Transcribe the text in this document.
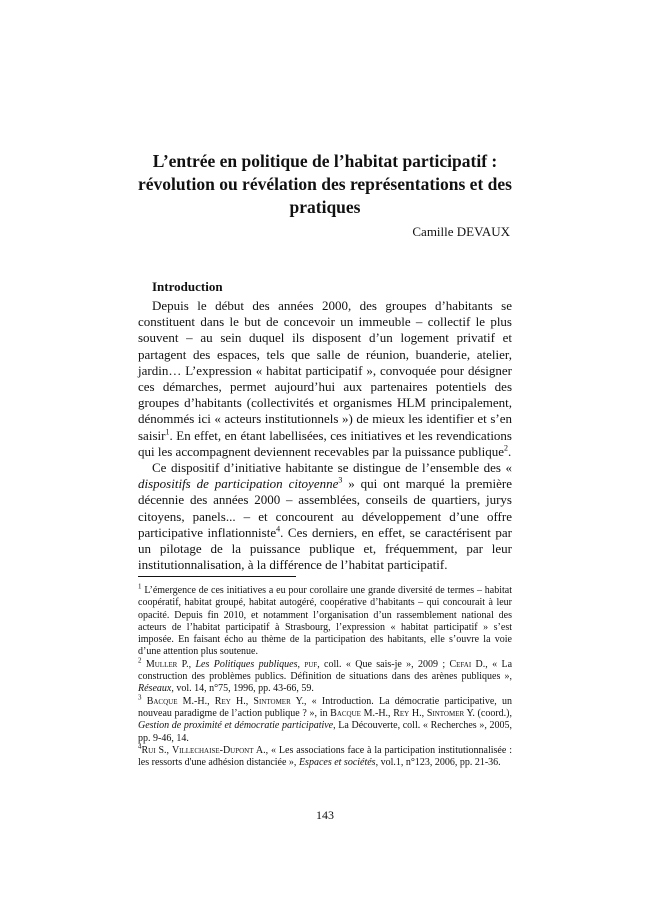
L’entrée en politique de l’habitat participatif :
révolution ou révélation des représentations et des
pratiques
Camille DEVAUX
Introduction

Depuis le début des années 2000, des groupes d’habitants se constituent dans le but de concevoir un immeuble – collectif le plus souvent – au sein duquel ils disposent d’un logement privatif et partagent des espaces, tels que salle de réunion, buanderie, atelier, jardin… L’expression « habitat participatif », convoquée pour désigner ces démarches, permet aujourd’hui aux partenaires potentiels des groupes d’habitants (collectivités et organismes HLM principalement, dénommés ici « acteurs institutionnels ») de mieux les identifier et s’en saisir$^1$. En effet, en étant labellisées, ces initiatives et les revendications qui les accompagnent deviennent recevables par la puissance publique$^2$.

Ce dispositif d’initiative habitante se distingue de l’ensemble des « dispositifs de participation citoyenne$^3$ » qui ont marqué la première décennie des années 2000 – assemblées, conseils de quartiers, jurys citoyens, panels... – et concourent au développement d’une offre participative inflationniste$^4$. Ces derniers, en effet, se caractérisent par un pilotage de la puissance publique et, fréquemment, par leur institutionnalisation, à la différence de l’habitat participatif.

$^1$ L’émergence de ces initiatives a eu pour corollaire une grande diversité de termes – habitat coopératif, habitat groupé, habitat autogéré, coopérative d’habitants – qui concourait à leur opacité. Depuis fin 2010, et notamment l’organisation d’un rassemblement national des acteurs de l’habitat participatif à Strasbourg, l’expression « habitat participatif » s’est imposée. En faisant écho au thème de la participation des habitants, elle s’ouvre la voie d’une attention plus soutenue.

$^2$ Muller P., Les Politiques publiques, puf, coll. « Que sais-je », 2009 ; Cefai D., « La construction des problèmes publics. Définition de situations dans des arènes publiques », Réseaux, vol. 14, n°75, 1996, pp. 43-66, 59.

$^3$ Bacque M.-H., Rey H., Sintomer Y., « Introduction. La démocratie participative, un nouveau paradigme de l’action publique ? », in Bacque M.-H., Rey H., Sintomer Y. (coord.), Gestion de proximité et démocratie participative, La Découverte, coll. « Recherches », 2005, pp. 9-46, 14.

$^4$Rui S., Villechaise-Dupont A., « Les associations face à la participation institutionnalisée : les ressorts d'une adhésion distanciée », Espaces et sociétés, vol.1, n°123, 2006, pp. 21-36.

143
